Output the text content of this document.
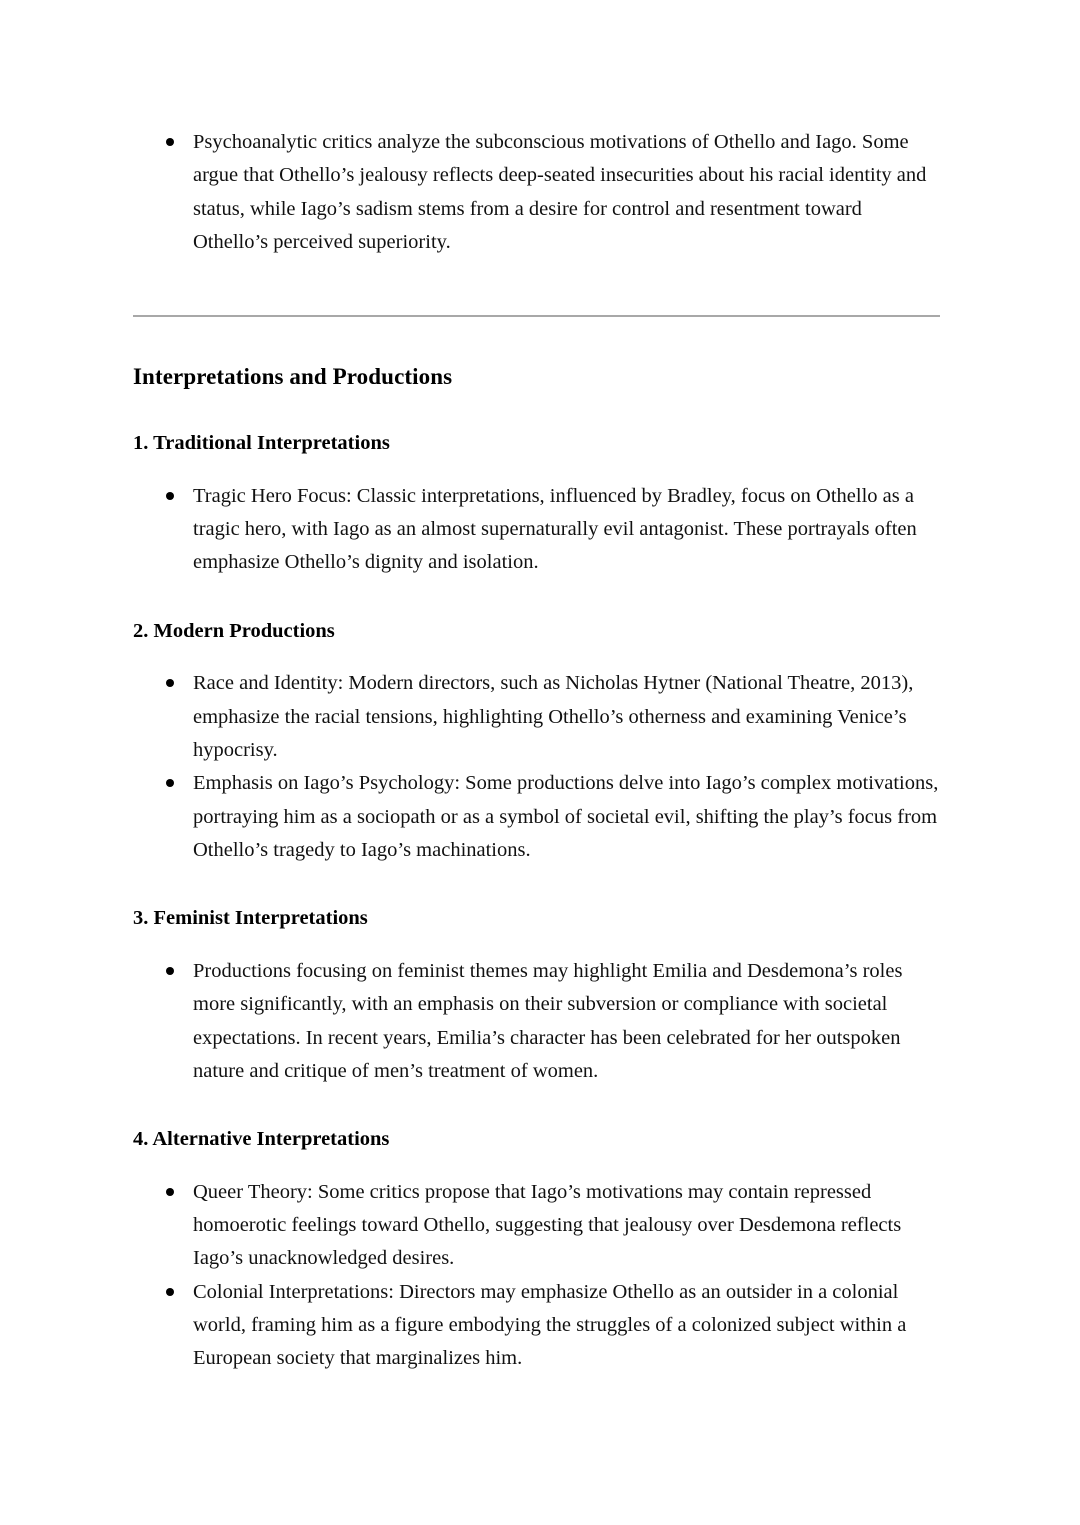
Psychoanalytic critics analyze the subconscious motivations of Othello and Iago. Some argue that Othello’s jealousy reflects deep-seated insecurities about his racial identity and status, while Iago’s sadism stems from a desire for control and resentment toward Othello’s perceived superiority.
Interpretations and Productions
1. Traditional Interpretations
Tragic Hero Focus: Classic interpretations, influenced by Bradley, focus on Othello as a tragic hero, with Iago as an almost supernaturally evil antagonist. These portrayals often emphasize Othello’s dignity and isolation.
2. Modern Productions
Race and Identity: Modern directors, such as Nicholas Hytner (National Theatre, 2013), emphasize the racial tensions, highlighting Othello’s otherness and examining Venice’s hypocrisy.
Emphasis on Iago’s Psychology: Some productions delve into Iago’s complex motivations, portraying him as a sociopath or as a symbol of societal evil, shifting the play’s focus from Othello’s tragedy to Iago’s machinations.
3. Feminist Interpretations
Productions focusing on feminist themes may highlight Emilia and Desdemona’s roles more significantly, with an emphasis on their subversion or compliance with societal expectations. In recent years, Emilia’s character has been celebrated for her outspoken nature and critique of men’s treatment of women.
4. Alternative Interpretations
Queer Theory: Some critics propose that Iago’s motivations may contain repressed homoerotic feelings toward Othello, suggesting that jealousy over Desdemona reflects Iago’s unacknowledged desires.
Colonial Interpretations: Directors may emphasize Othello as an outsider in a colonial world, framing him as a figure embodying the struggles of a colonized subject within a European society that marginalizes him.
